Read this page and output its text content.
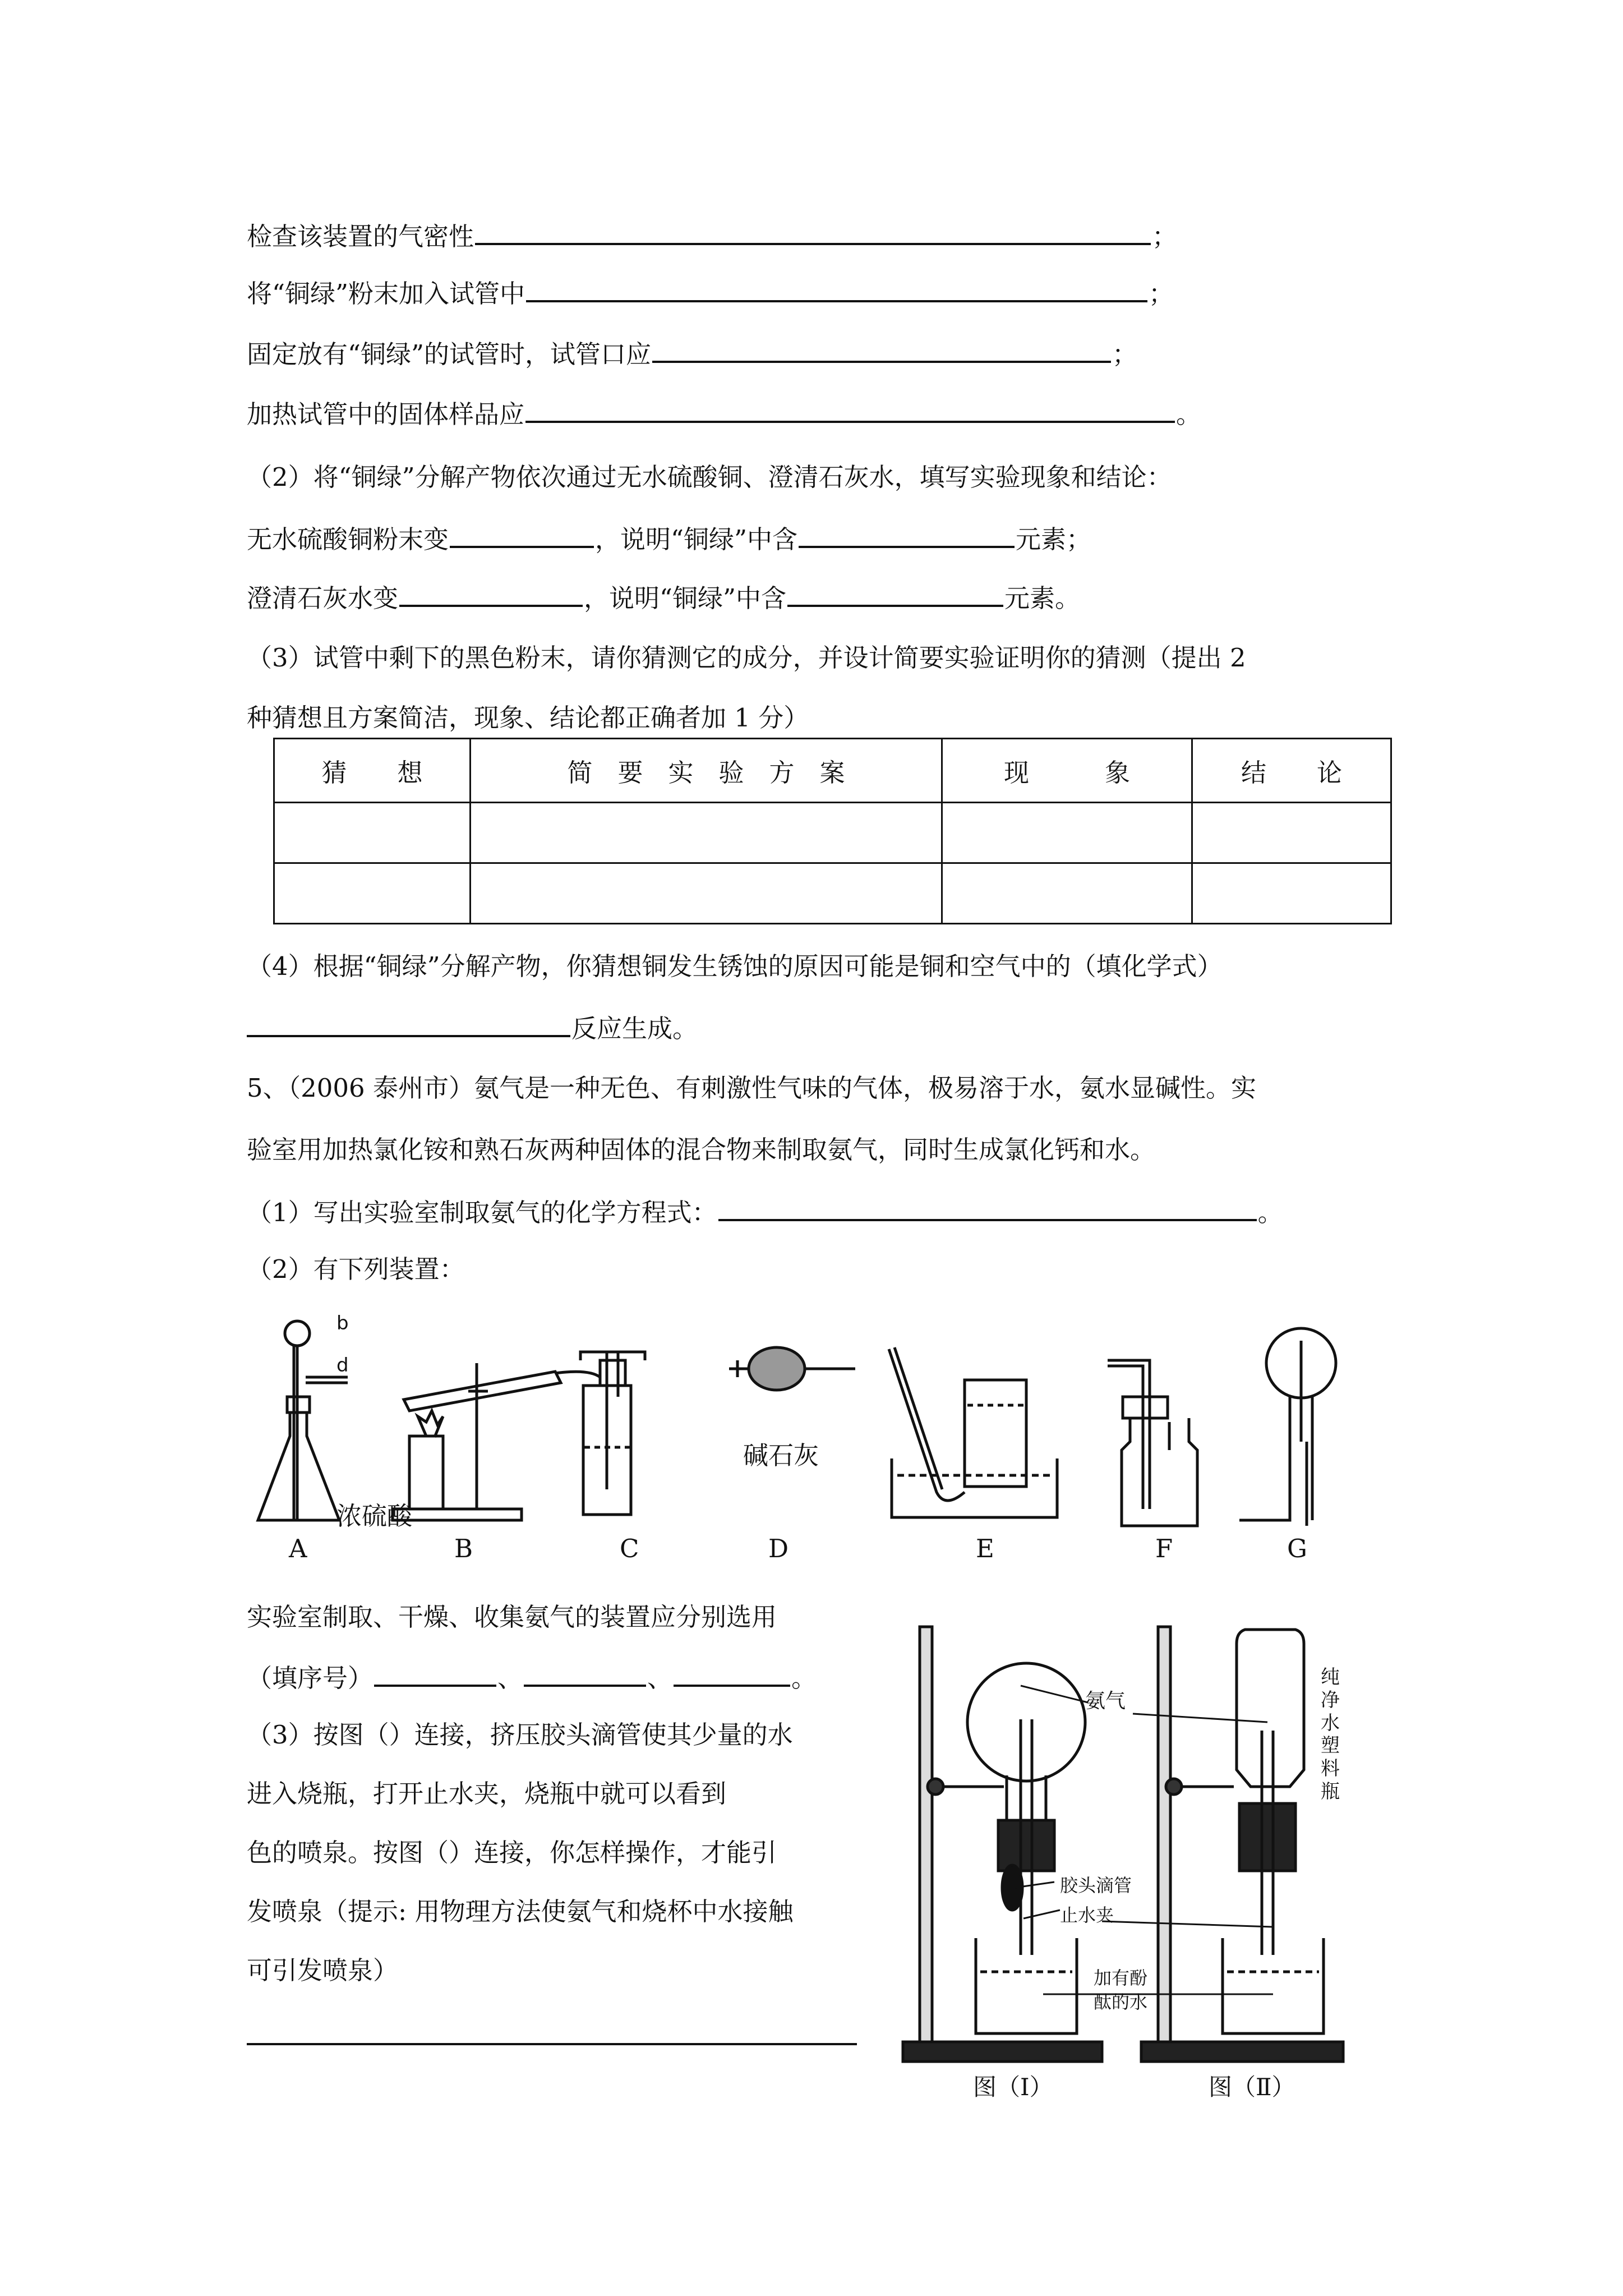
检查该装置的气密性	；
将“铜绿”粉末加入试管中	；
固定放有“铜绿”的试管时，试管口应	；
加热试管中的固体样品应	。
（2）将“铜绿”分解产物依次通过无水硫酸铜、澄清石灰水，填写实验现象和结论：
无水硫酸铜粉末变	，说明“铜绿”中含	元素；
澄清石灰水变	，说明“铜绿”中含	元素。
（3）试管中剩下的黑色粉末，请你猜测它的成分，并设计简要实验证明你的猜测（提出 2
种猜想且方案简洁，现象、结论都正确者加 1 分）
猜　　想	简　要　实　验　方　案	现　　　象	结　　论

（4）根据“铜绿”分解产物，你猜想铜发生锈蚀的原因可能是铜和空气中的（填化学式）
反应生成。
5、（2006 泰州市）氨气是一种无色、有刺激性气味的气体，极易溶于水，氨水显碱性。实
验室用加热氯化铵和熟石灰两种固体的混合物来制取氨气，同时生成氯化钙和水。
（1）写出实验室制取氨气的化学方程式：	。
（2）有下列装置：
b
d
浓硫酸
碱石灰
A	B	C	D	E	F	G
实验室制取、干燥、收集氨气的装置应分别选用
（填序号）	、	、	。
（3）按图（）连接，挤压胶头滴管使其少量的水
进入烧瓶，打开止水夹，烧瓶中就可以看到
色的喷泉。按图（）连接，你怎样操作，才能引
发喷泉（提示: 用物理方法使氨气和烧杯中水接触
可引发喷泉）
氨气
纯净水塑料瓶
胶头滴管
止水夹
加有酚
酞的水
图（Ⅰ）	图（Ⅱ）
